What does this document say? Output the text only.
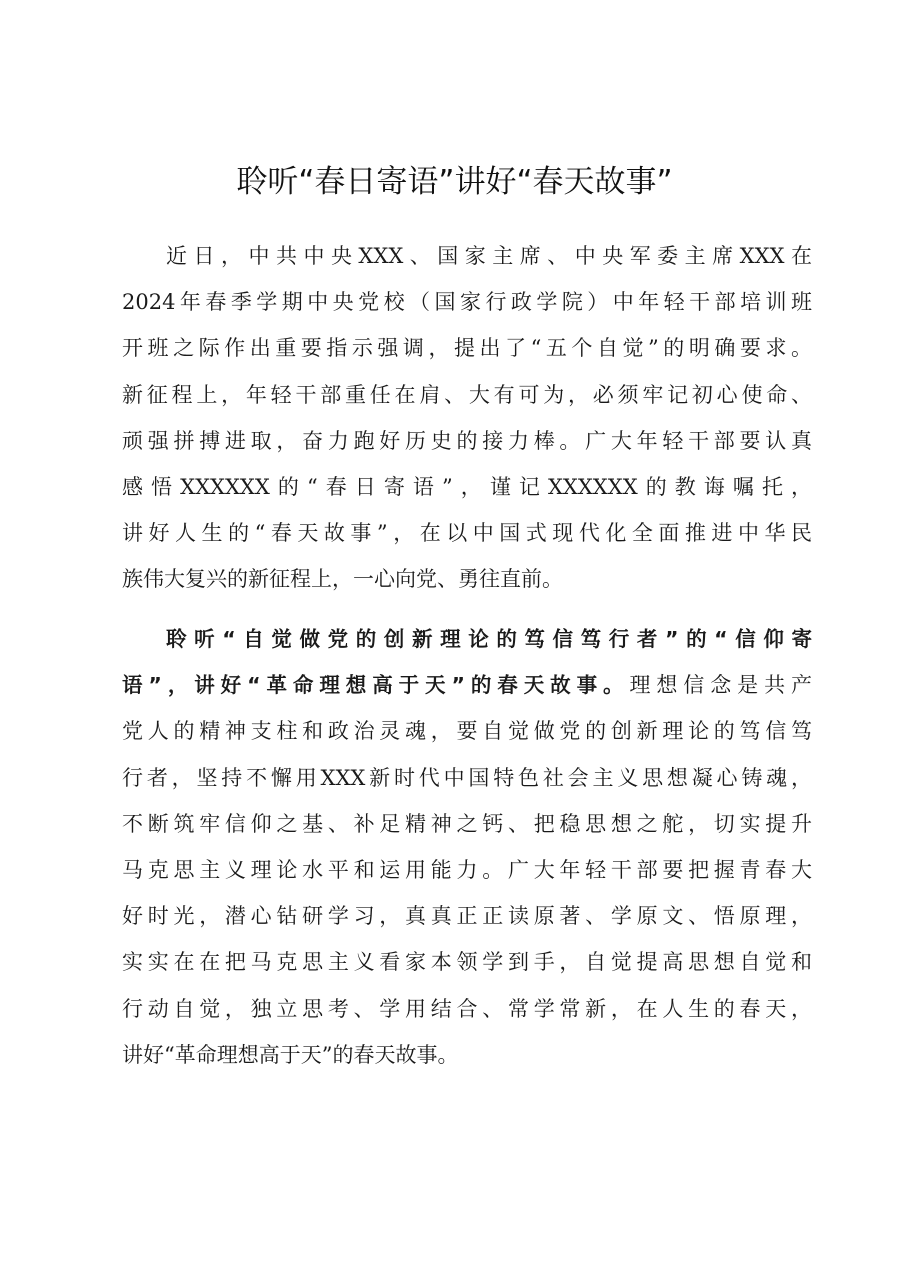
聆听“春日寄语”讲好“春天故事”
近日，中共中央XXX、国家主席、中央军委主席XXX在
2024年春季学期中央党校（国家行政学院）中年轻干部培训班
开班之际作出重要指示强调，提出了“五个自觉”的明确要求。
新征程上，年轻干部重任在肩、大有可为，必须牢记初心使命、
顽强拼搏进取，奋力跑好历史的接力棒。广大年轻干部要认真
感悟XXXXXX的“春日寄语”，谨记XXXXXX的教诲嘱托，
讲好人生的“春天故事”，在以中国式现代化全面推进中华民
族伟大复兴的新征程上，一心向党、勇往直前。
聆听“自觉做党的创新理论的笃信笃行者”的“信仰寄
语”，讲好“革命理想高于天”的春天故事。理想信念是共产
党人的精神支柱和政治灵魂，要自觉做党的创新理论的笃信笃
行者，坚持不懈用XXX新时代中国特色社会主义思想凝心铸魂，
不断筑牢信仰之基、补足精神之钙、把稳思想之舵，切实提升
马克思主义理论水平和运用能力。广大年轻干部要把握青春大
好时光，潜心钻研学习，真真正正读原著、学原文、悟原理，
实实在在把马克思主义看家本领学到手，自觉提高思想自觉和
行动自觉，独立思考、学用结合、常学常新，在人生的春天，
讲好“革命理想高于天”的春天故事。
